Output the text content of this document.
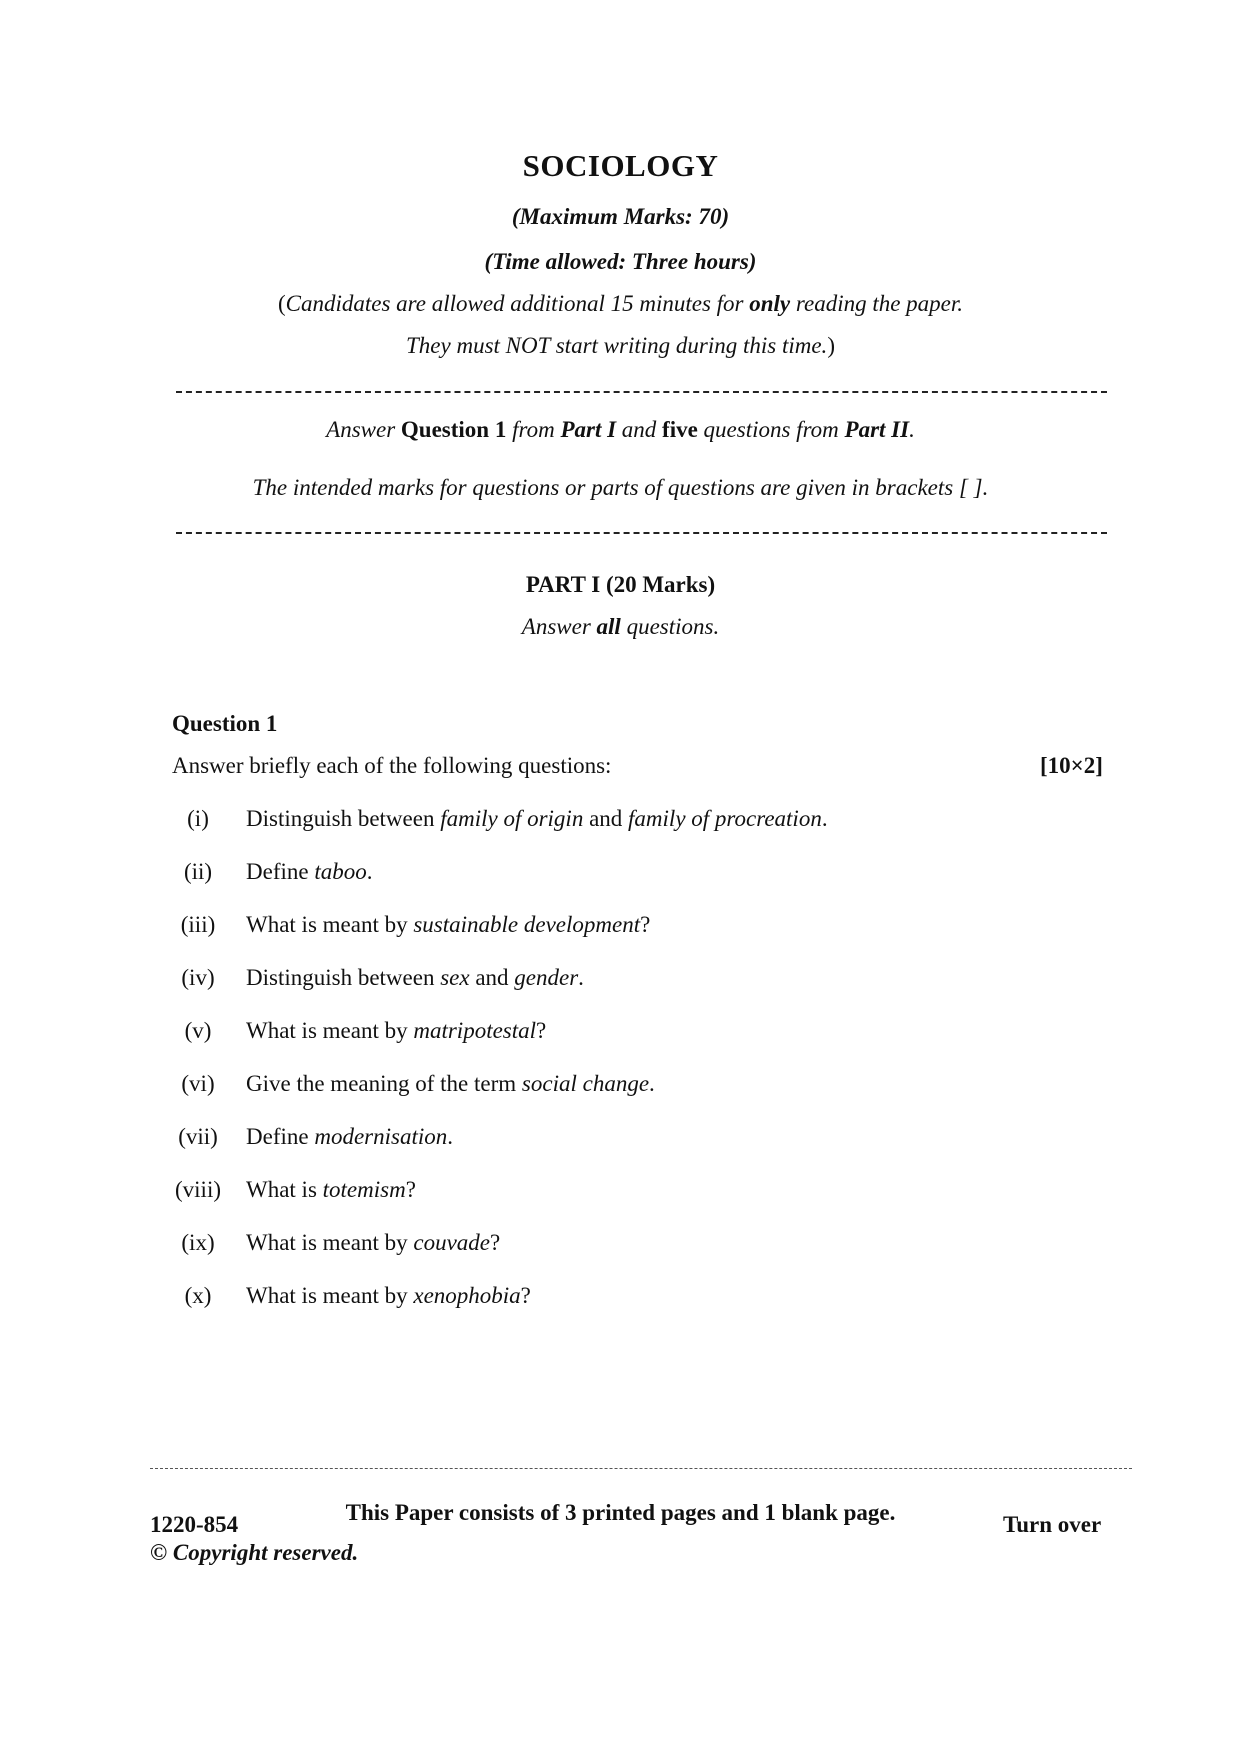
SOCIOLOGY
(Maximum Marks: 70)
(Time allowed: Three hours)
(Candidates are allowed additional 15 minutes for only reading the paper.
They must NOT start writing during this time.)
Answer Question 1 from Part I and five questions from Part II.
The intended marks for questions or parts of questions are given in brackets [ ].
PART I (20 Marks)
Answer all questions.
Question 1
Answer briefly each of the following questions:	[10×2]
(i)	Distinguish between family of origin and family of procreation.
(ii)	Define taboo.
(iii)	What is meant by sustainable development?
(iv)	Distinguish between sex and gender.
(v)	What is meant by matripotestal?
(vi)	Give the meaning of the term social change.
(vii)	Define modernisation.
(viii)	What is totemism?
(ix)	What is meant by couvade?
(x)	What is meant by xenophobia?
This Paper consists of 3 printed pages and 1 blank page.
1220-854	Turn over
© Copyright reserved.
